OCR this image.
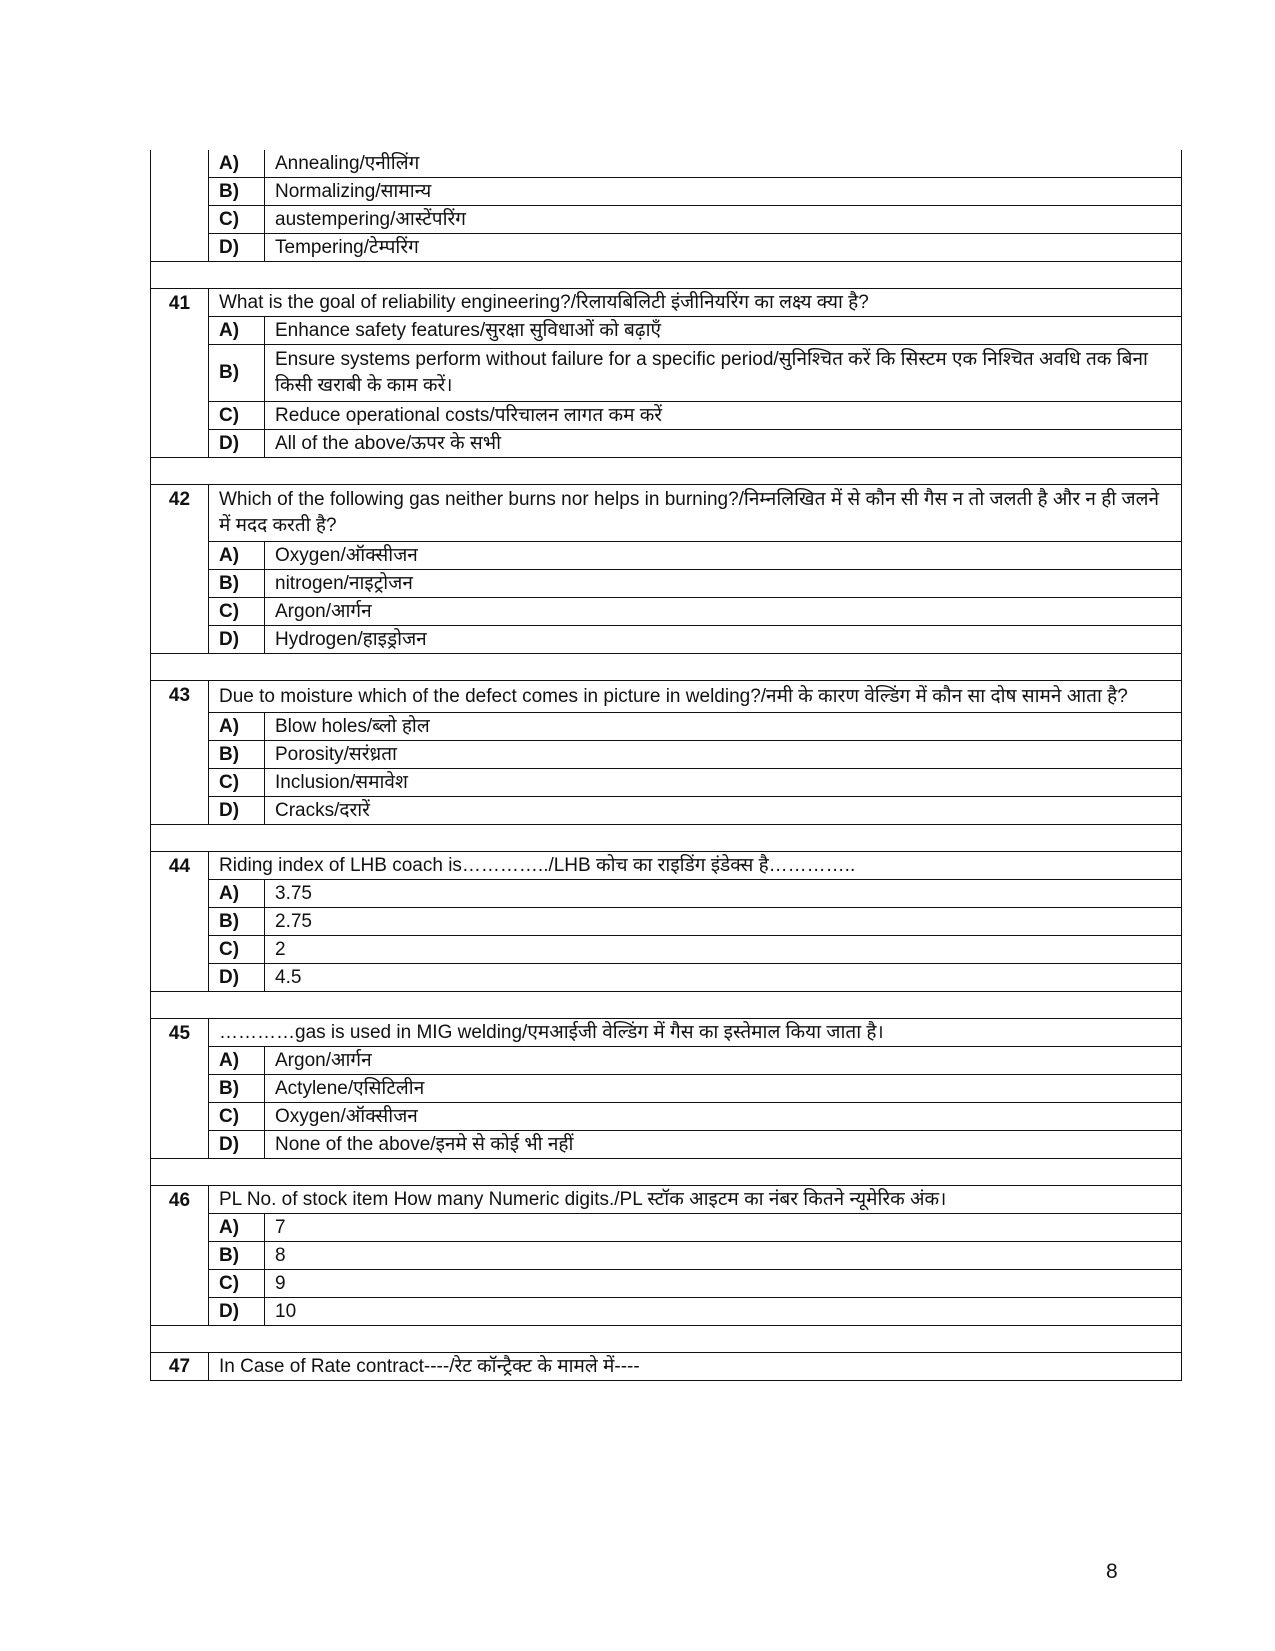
	A)	Annealing/एनीलिंग
	B)	Normalizing/सामान्य
	C)	austempering/आस्टेंपरिंग
	D)	Tempering/टेम्परिंग

41	What is the goal of reliability engineering?/रिलायबिलिटी इंजीनियरिंग का लक्ष्य क्या है?	
	A)	Enhance safety features/सुरक्षा सुविधाओं को बढ़ाएँ
	B)	Ensure systems perform without failure for a specific period/सुनिश्चित करें कि सिस्टम एक निश्चित अवधि तक बिना किसी खराबी के काम करें।
	C)	Reduce operational costs/परिचालन लागत कम करें
	D)	All of the above/ऊपर के सभी

42	Which of the following gas neither burns nor helps in burning?/निम्नलिखित में से कौन सी गैस न तो जलती है और न ही जलने में मदद करती है?	
	A)	Oxygen/ऑक्सीजन
	B)	nitrogen/नाइट्रोजन
	C)	Argon/आर्गन
	D)	Hydrogen/हाइड्रोजन

43	Due to moisture which of the defect comes in picture in welding?/नमी के कारण वेल्डिंग में कौन सा दोष सामने आता है?	
	A)	Blow holes/ब्लो होल
	B)	Porosity/सरंध्रता
	C)	Inclusion/समावेश
	D)	Cracks/दरारें

44	Riding index of LHB coach is…………../LHB कोच का राइडिंग इंडेक्स है…………..	
	A)	3.75
	B)	2.75
	C)	2
	D)	4.5

45	…………gas is used in MIG welding/एमआईजी वेल्डिंग में गैस का इस्तेमाल किया जाता है।	
	A)	Argon/आर्गन
	B)	Actylene/एसिटिलीन
	C)	Oxygen/ऑक्सीजन
	D)	None of the above/इनमे से कोई भी नहीं

46	PL No. of stock item How many Numeric digits./PL स्टॉक आइटम का नंबर कितने न्यूमेरिक अंक।	
	A)	7
	B)	8
	C)	9
	D)	10

47	In Case of Rate contract----/रेट कॉन्ट्रैक्ट के मामले में----	
8
